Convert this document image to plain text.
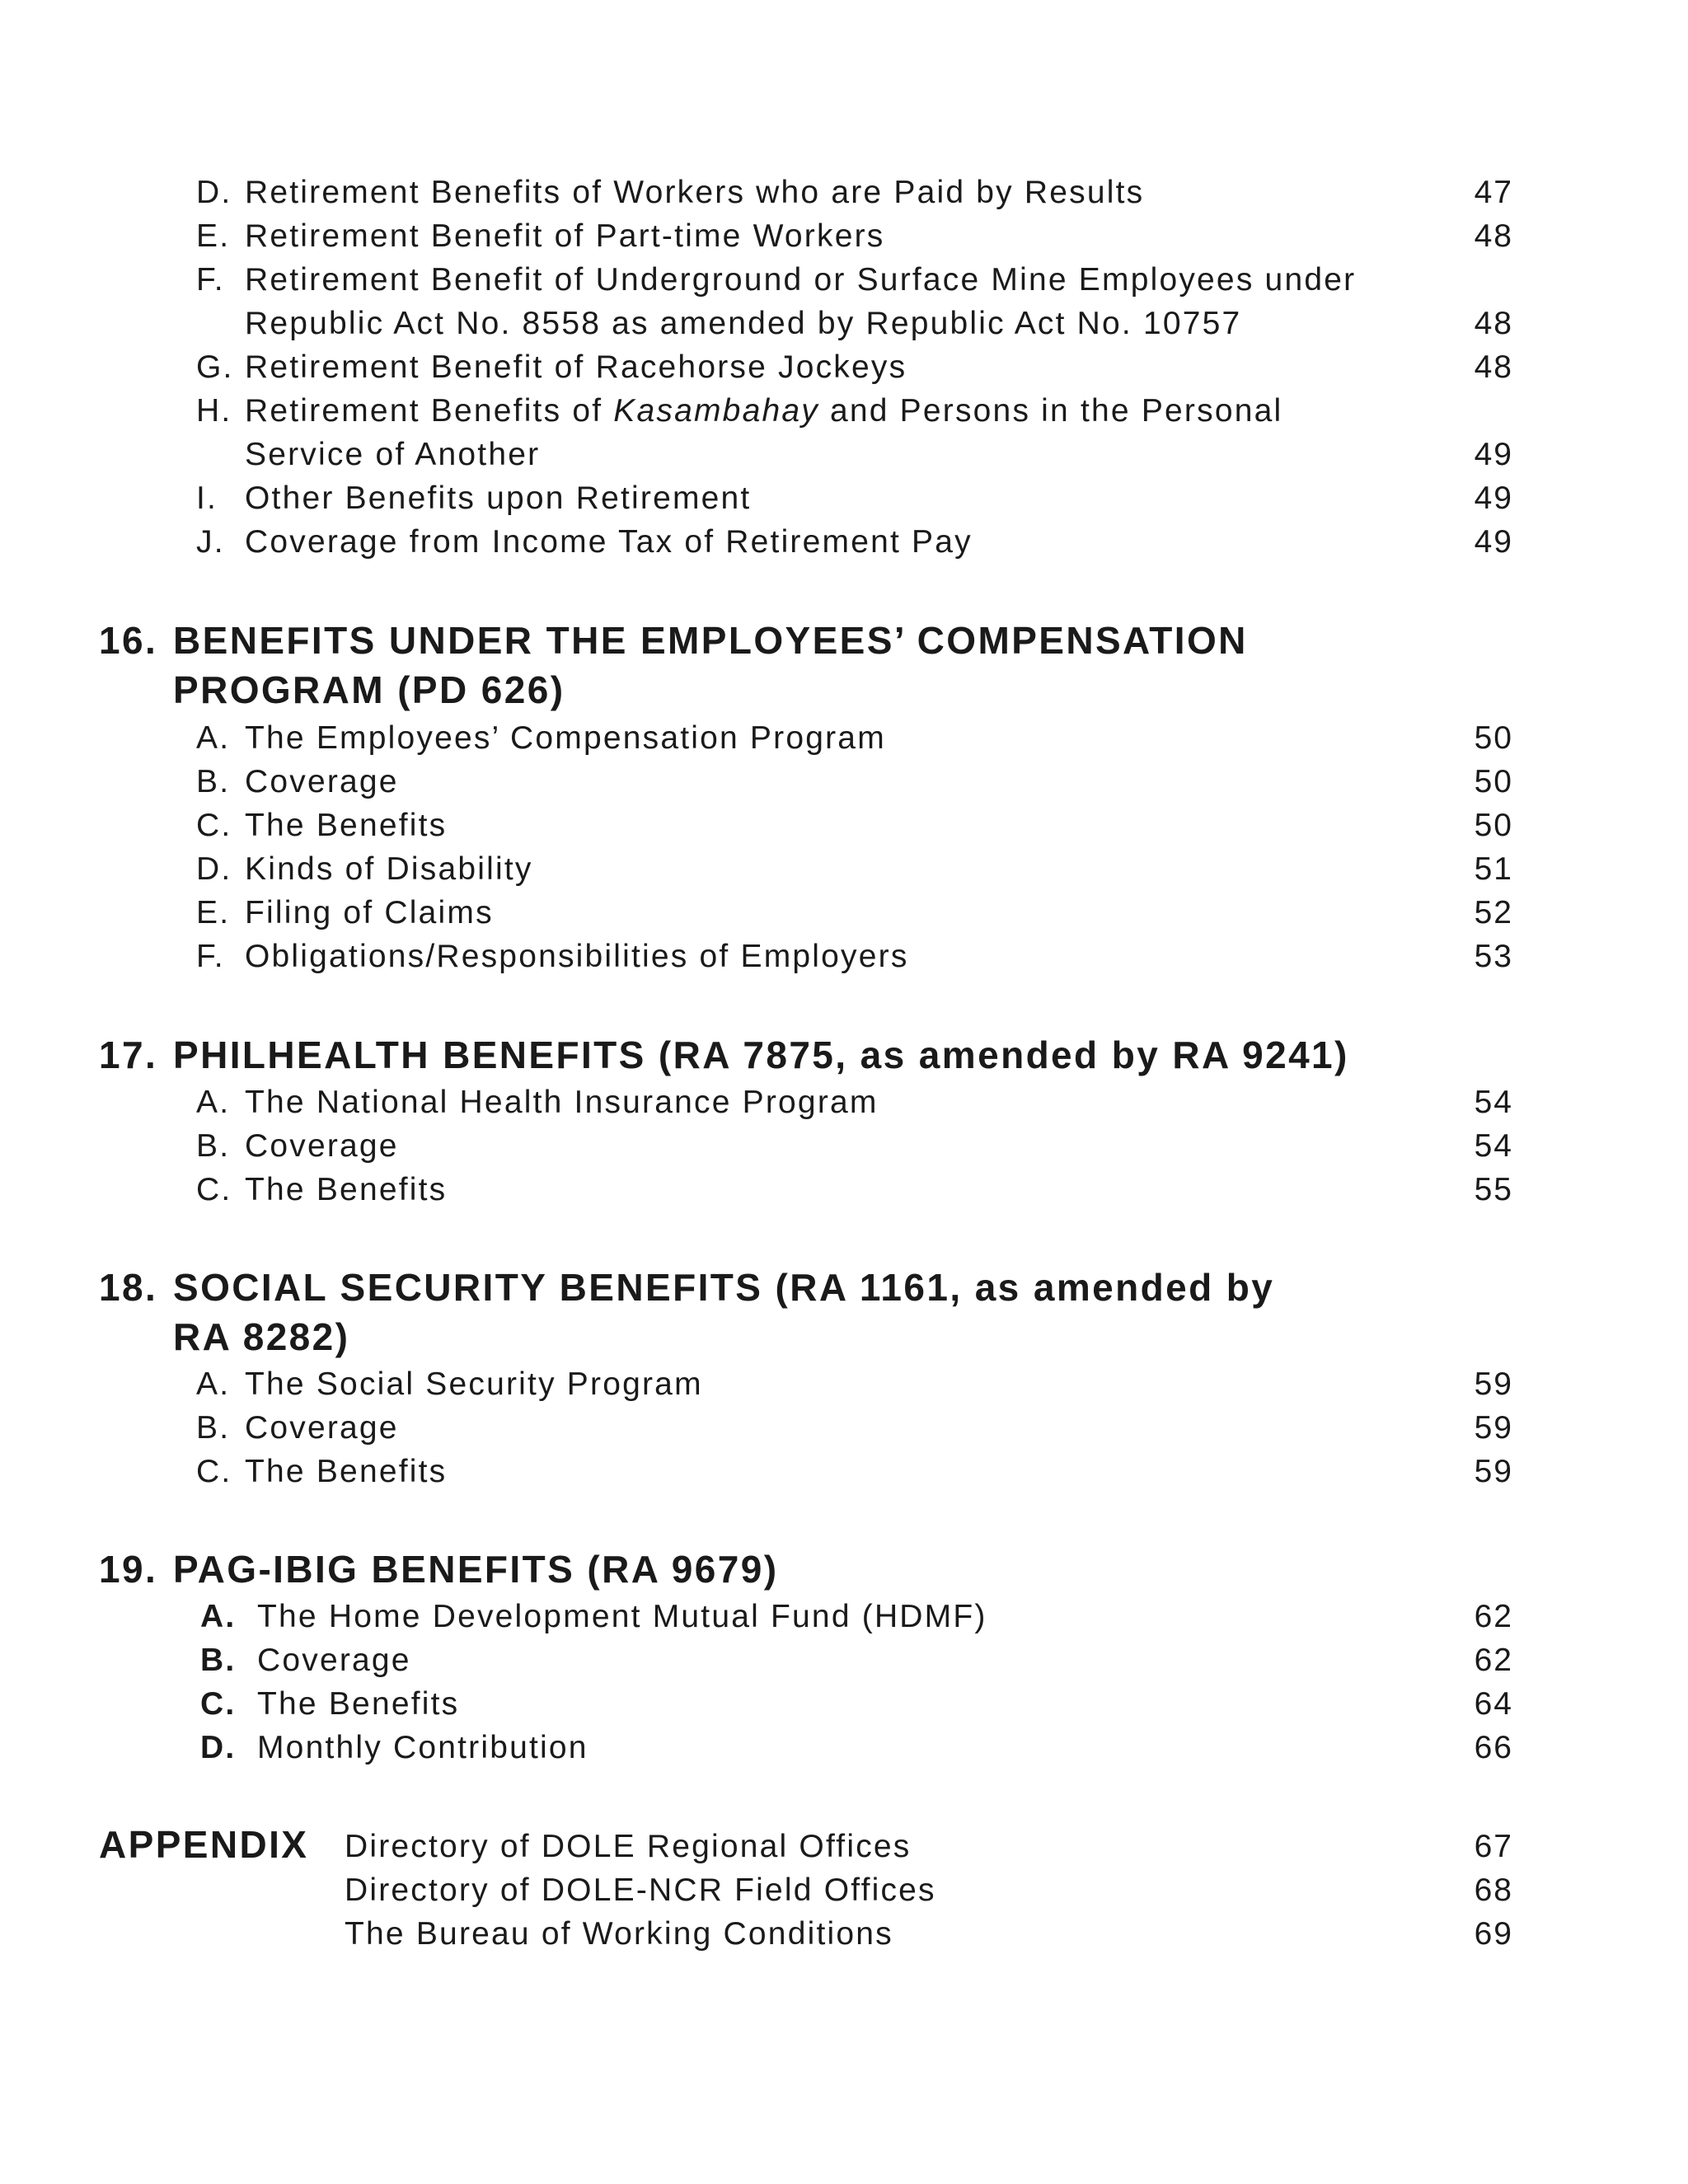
D. Retirement Benefits of Workers who are Paid by Results	47
E. Retirement Benefit of Part-time Workers	48
F. Retirement Benefit of Underground or Surface Mine Employees under
Republic Act No. 8558 as amended by Republic Act No. 10757	48
G. Retirement Benefit of Racehorse Jockeys	48
H. Retirement Benefits of Kasambahay and Persons in the Personal
Service of Another	49
I. Other Benefits upon Retirement	49
J. Coverage from Income Tax of Retirement Pay	49
16. BENEFITS UNDER THE EMPLOYEES’ COMPENSATION
PROGRAM (PD 626)
A. The Employees’ Compensation Program	50
B. Coverage	50
C. The Benefits	50
D. Kinds of Disability	51
E. Filing of Claims	52
F. Obligations/Responsibilities of Employers	53
17. PHILHEALTH BENEFITS (RA 7875, as amended by RA 9241)
A. The National Health Insurance Program	54
B. Coverage	54
C. The Benefits	55
18. SOCIAL SECURITY BENEFITS (RA 1161, as amended by
RA 8282)
A. The Social Security Program	59
B. Coverage	59
C. The Benefits	59
19. PAG-IBIG BENEFITS (RA 9679)
A. The Home Development Mutual Fund (HDMF)	62
B. Coverage	62
C. The Benefits	64
D. Monthly Contribution	66
APPENDIX Directory of DOLE Regional Offices	67
Directory of DOLE-NCR Field Offices	68
The Bureau of Working Conditions	69
